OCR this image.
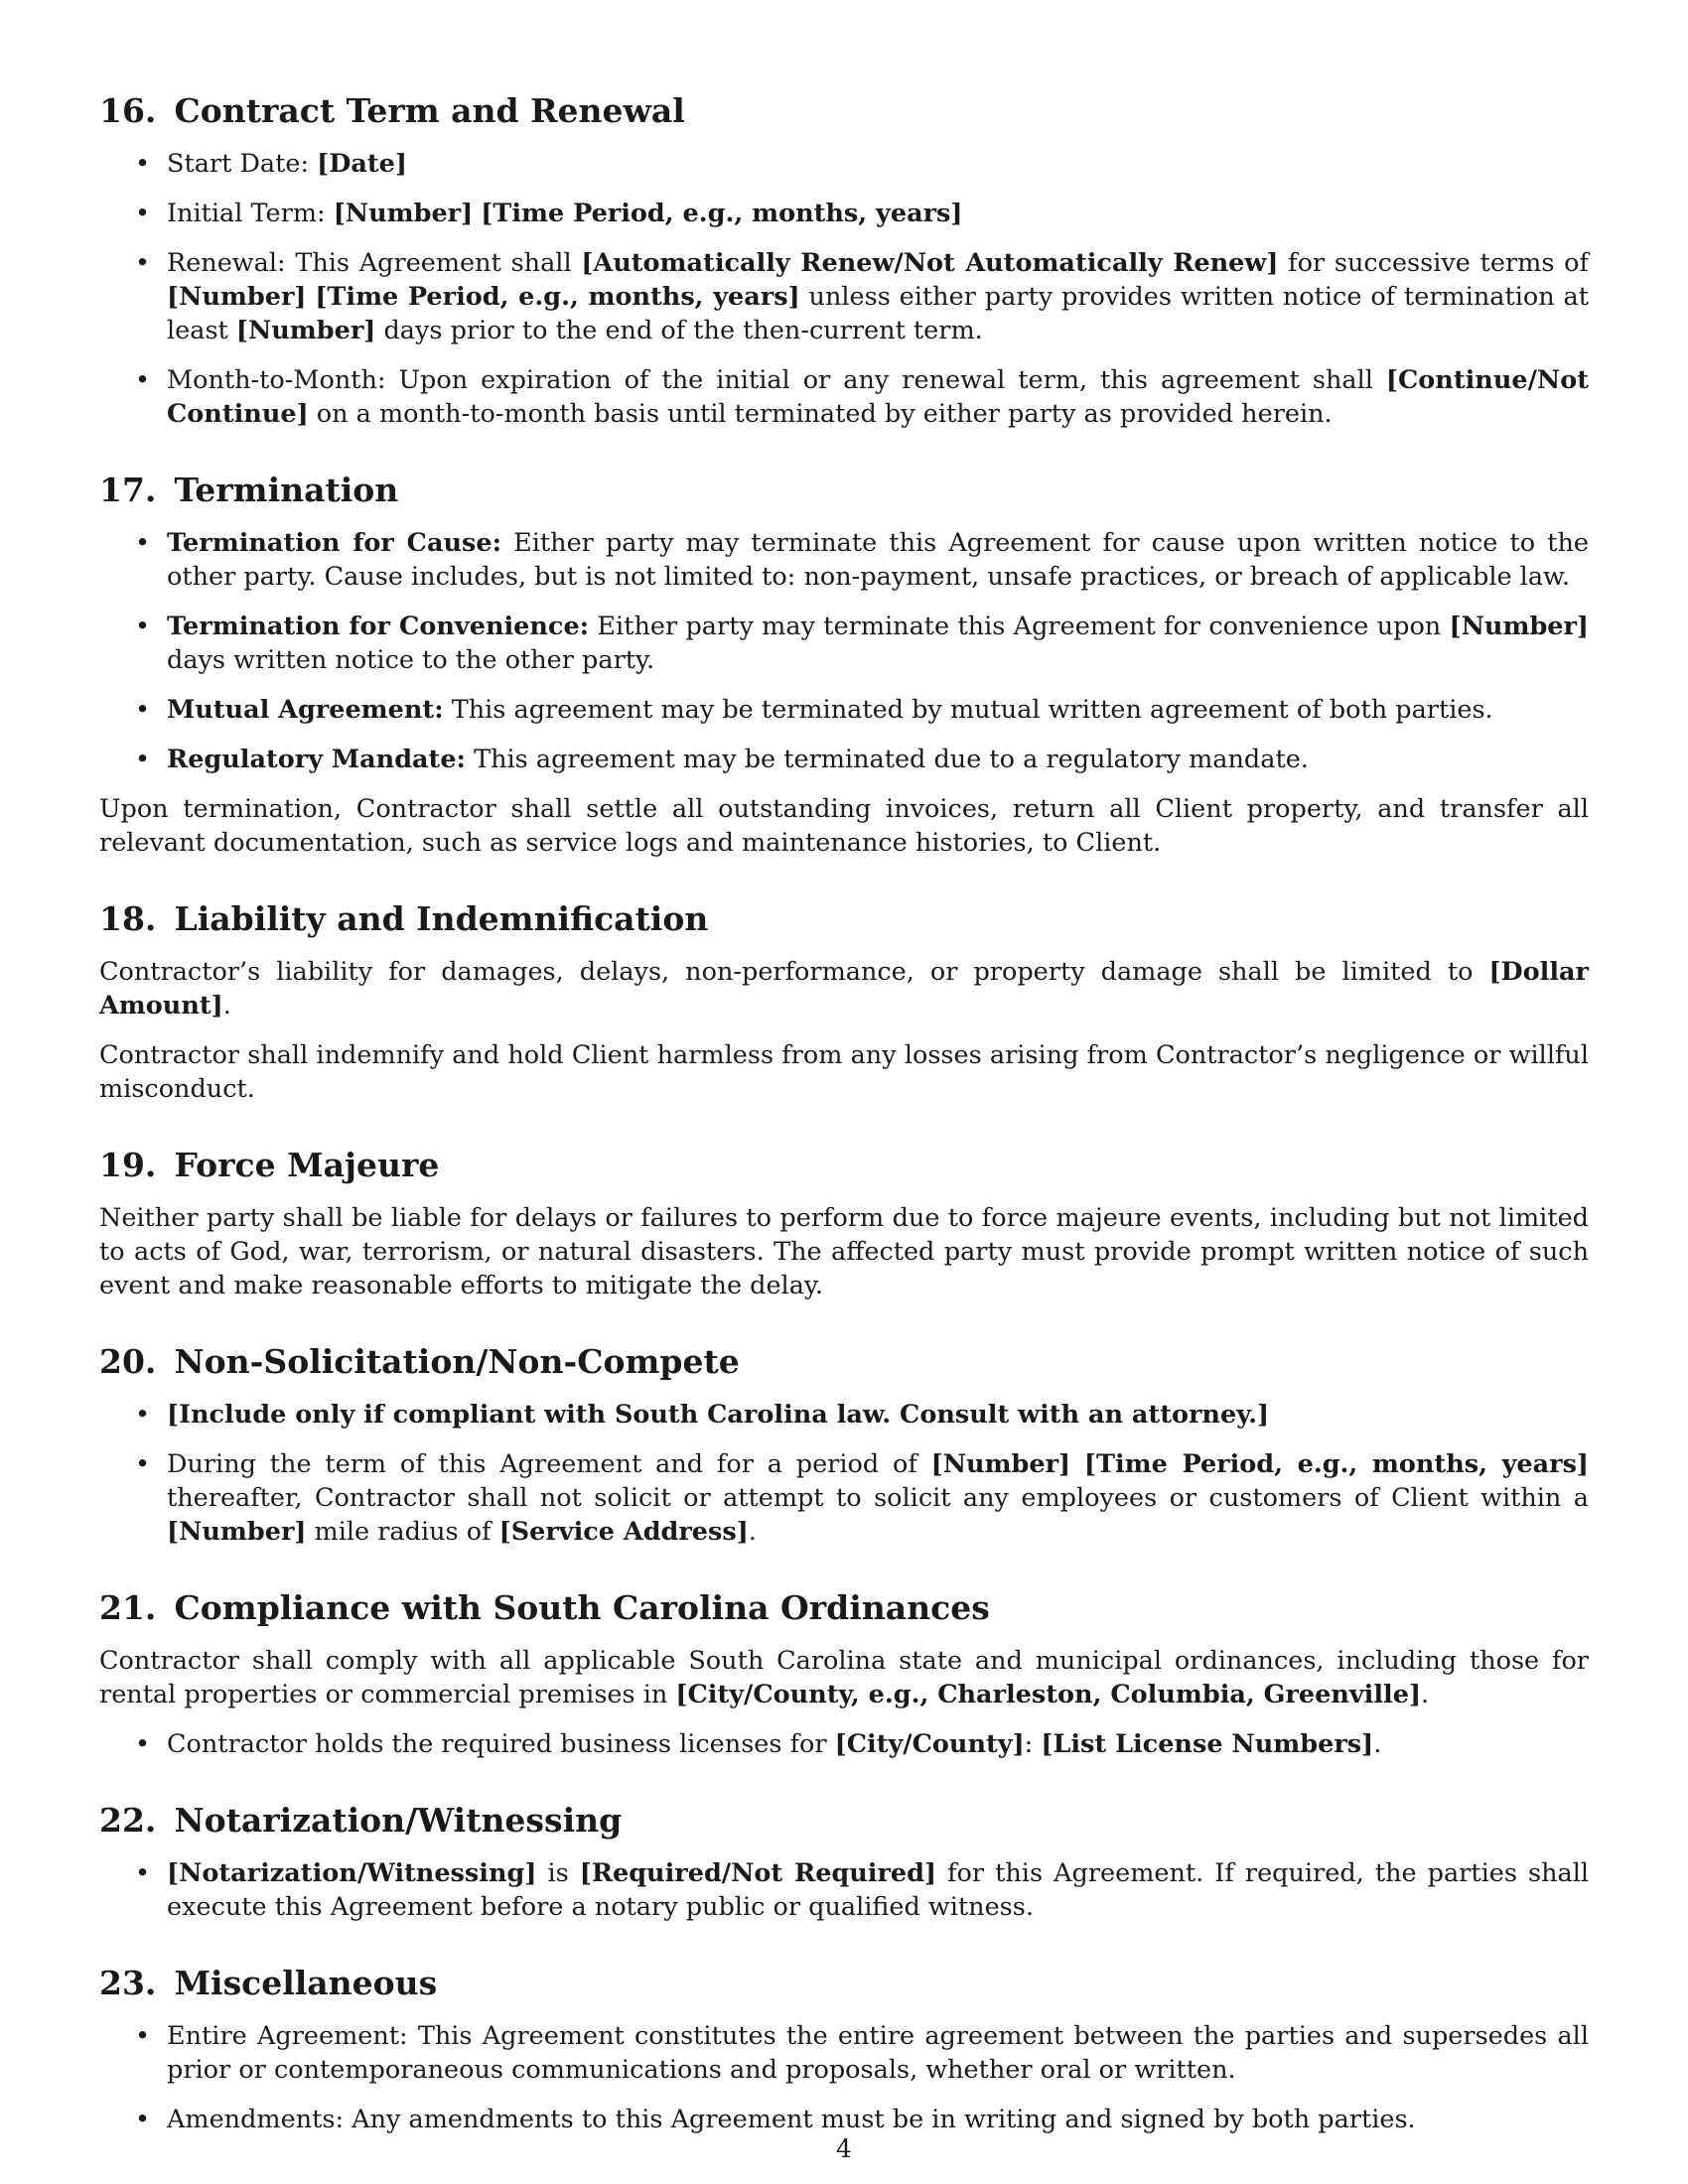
16. Contract Term and Renewal
• Start Date: [Date]
• Initial Term: [Number] [Time Period, e.g., months, years]
• Renewal: This Agreement shall [Automatically Renew/Not Automatically Renew] for successive terms of [Number] [Time Period, e.g., months, years] unless either party provides written notice of termination at least [Number] days prior to the end of the then-current term.
• Month-to-Month: Upon expiration of the initial or any renewal term, this agreement shall [Continue/Not Continue] on a month-to-month basis until terminated by either party as provided herein.
17. Termination
• Termination for Cause: Either party may terminate this Agreement for cause upon written notice to the other party. Cause includes, but is not limited to: non-payment, unsafe practices, or breach of applicable law.
• Termination for Convenience: Either party may terminate this Agreement for convenience upon [Number] days written notice to the other party.
• Mutual Agreement: This agreement may be terminated by mutual written agreement of both parties.
• Regulatory Mandate: This agreement may be terminated due to a regulatory mandate.

Upon termination, Contractor shall settle all outstanding invoices, return all Client property, and transfer all relevant documentation, such as service logs and maintenance histories, to Client.

18. Liability and Indemnification

Contractor’s liability for damages, delays, non-performance, or property damage shall be limited to [Dollar Amount].

Contractor shall indemnify and hold Client harmless from any losses arising from Contractor’s negligence or willful misconduct.

19. Force Majeure

Neither party shall be liable for delays or failures to perform due to force majeure events, including but not limited to acts of God, war, terrorism, or natural disasters. The affected party must provide prompt written notice of such event and make reasonable efforts to mitigate the delay.

20. Non-Solicitation/Non-Compete
• [Include only if compliant with South Carolina law. Consult with an attorney.]
• During the term of this Agreement and for a period of [Number] [Time Period, e.g., months, years] thereafter, Contractor shall not solicit or attempt to solicit any employees or customers of Client within a [Number] mile radius of [Service Address].
21. Compliance with South Carolina Ordinances

Contractor shall comply with all applicable South Carolina state and municipal ordinances, including those for rental properties or commercial premises in [City/County, e.g., Charleston, Columbia, Greenville].

• Contractor holds the required business licenses for [City/County]: [List License Numbers].
22. Notarization/Witnessing
• [Notarization/Witnessing] is [Required/Not Required] for this Agreement. If required, the parties shall execute this Agreement before a notary public or qualified witness.
23. Miscellaneous
• Entire Agreement: This Agreement constitutes the entire agreement between the parties and supersedes all prior or contemporaneous communications and proposals, whether oral or written.
• Amendments: Any amendments to this Agreement must be in writing and signed by both parties.
4
